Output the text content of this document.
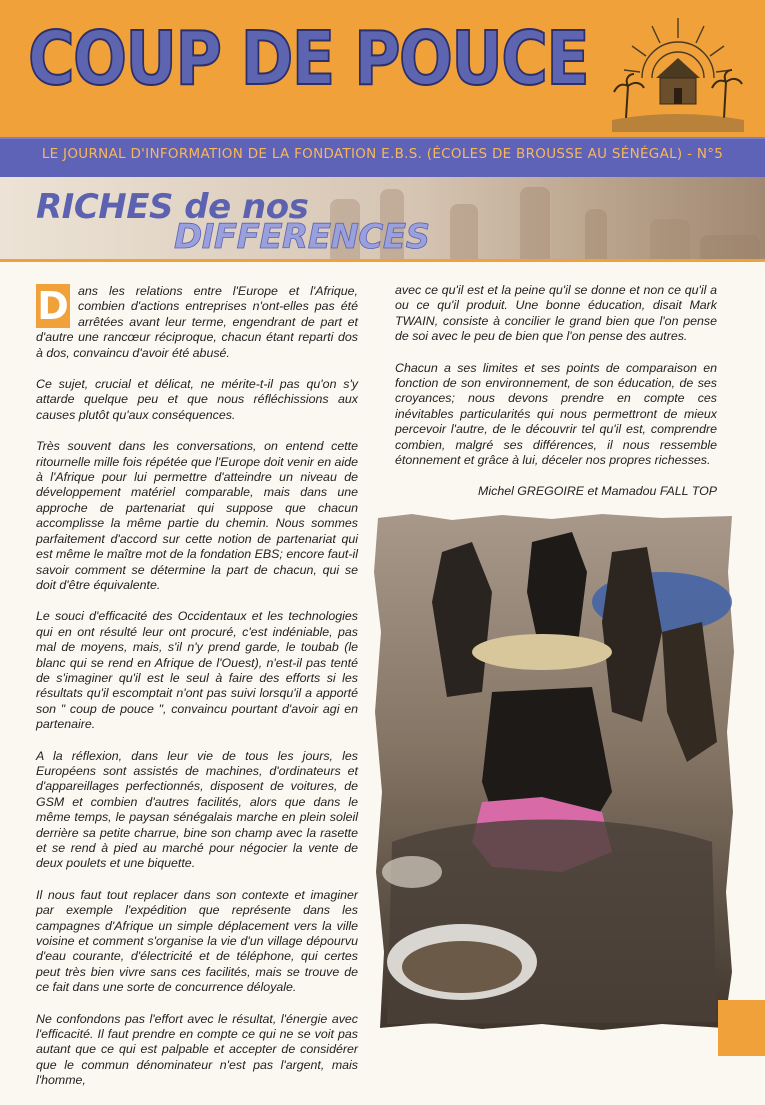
COUP DE POUCE
LE JOURNAL D'INFORMATION DE LA FONDATION E.B.S. (ÉCOLES DE BROUSSE AU SÉNÉGAL) - N°5
RICHES de nos
DIFFERENCES

D ans les relations entre l'Europe et l'Afrique, combien d'actions entreprises n'ont-elles pas été arrêtées avant leur terme, engendrant de part et d'autre une rancœur réciproque, chacun étant reparti dos à dos, convaincu d'avoir été abusé.

Ce sujet, crucial et délicat, ne mérite-t-il pas qu'on s'y attarde quelque peu et que nous réfléchissions aux causes plutôt qu'aux conséquences.

Très souvent dans les conversations, on entend cette ritournelle mille fois répétée que l'Europe doit venir en aide à l'Afrique pour lui permettre d'atteindre un niveau de développement matériel comparable, mais dans une approche de partenariat qui suppose que chacun accomplisse la même partie du chemin. Nous sommes parfaitement d'accord sur cette notion de partenariat qui est même le maître mot de la fondation EBS; encore faut-il savoir comment se détermine la part de chacun, qui se doit d'être équivalente.

Le souci d'efficacité des Occidentaux et les technologies qui en ont résulté leur ont procuré, c'est indéniable, pas mal de moyens, mais, s'il n'y prend garde, le toubab (le blanc qui se rend en Afrique de l'Ouest), n'est-il pas tenté de s'imaginer qu'il est le seul à faire des efforts si les résultats qu'il escomptait n'ont pas suivi lorsqu'il a apporté son " coup de pouce ", convaincu pourtant d'avoir agi en partenaire.

A la réflexion, dans leur vie de tous les jours, les Européens sont assistés de machines, d'ordinateurs et d'appareillages perfectionnés, disposent de voitures, de GSM et combien d'autres facilités, alors que dans le même temps, le paysan sénégalais marche en plein soleil derrière sa petite charrue, bine son champ avec la rasette et se rend à pied au marché pour négocier la vente de deux poulets et une biquette.

Il nous faut tout replacer dans son contexte et imaginer par exemple l'expédition que représente dans les campagnes d'Afrique un simple déplacement vers la ville voisine et comment s'organise la vie d'un village dépourvu d'eau courante, d'électricité et de téléphone, qui certes peut très bien vivre sans ces facilités, mais se trouve de ce fait dans une sorte de concurrence déloyale.

Ne confondons pas l'effort avec le résultat, l'énergie avec l'efficacité. Il faut prendre en compte ce qui ne se voit pas autant que ce qui est palpable et accepter de considérer que le commun dénominateur n'est pas l'argent, mais l'homme,

avec ce qu'il est et la peine qu'il se donne et non ce qu'il a ou ce qu'il produit. Une bonne éducation, disait Mark TWAIN, consiste à concilier le grand bien que l'on pense de soi avec le peu de bien que l'on pense des autres.

Chacun a ses limites et ses points de comparaison en fonction de son environnement, de son éducation, de ses croyances; nous devons prendre en compte ces inévitables particularités qui nous permettront de mieux percevoir l'autre, de le découvrir tel qu'il est, comprendre combien, malgré ses différences, il nous ressemble étonnement et grâce à lui, déceler nos propres richesses.

Michel GREGOIRE et Mamadou FALL TOP
